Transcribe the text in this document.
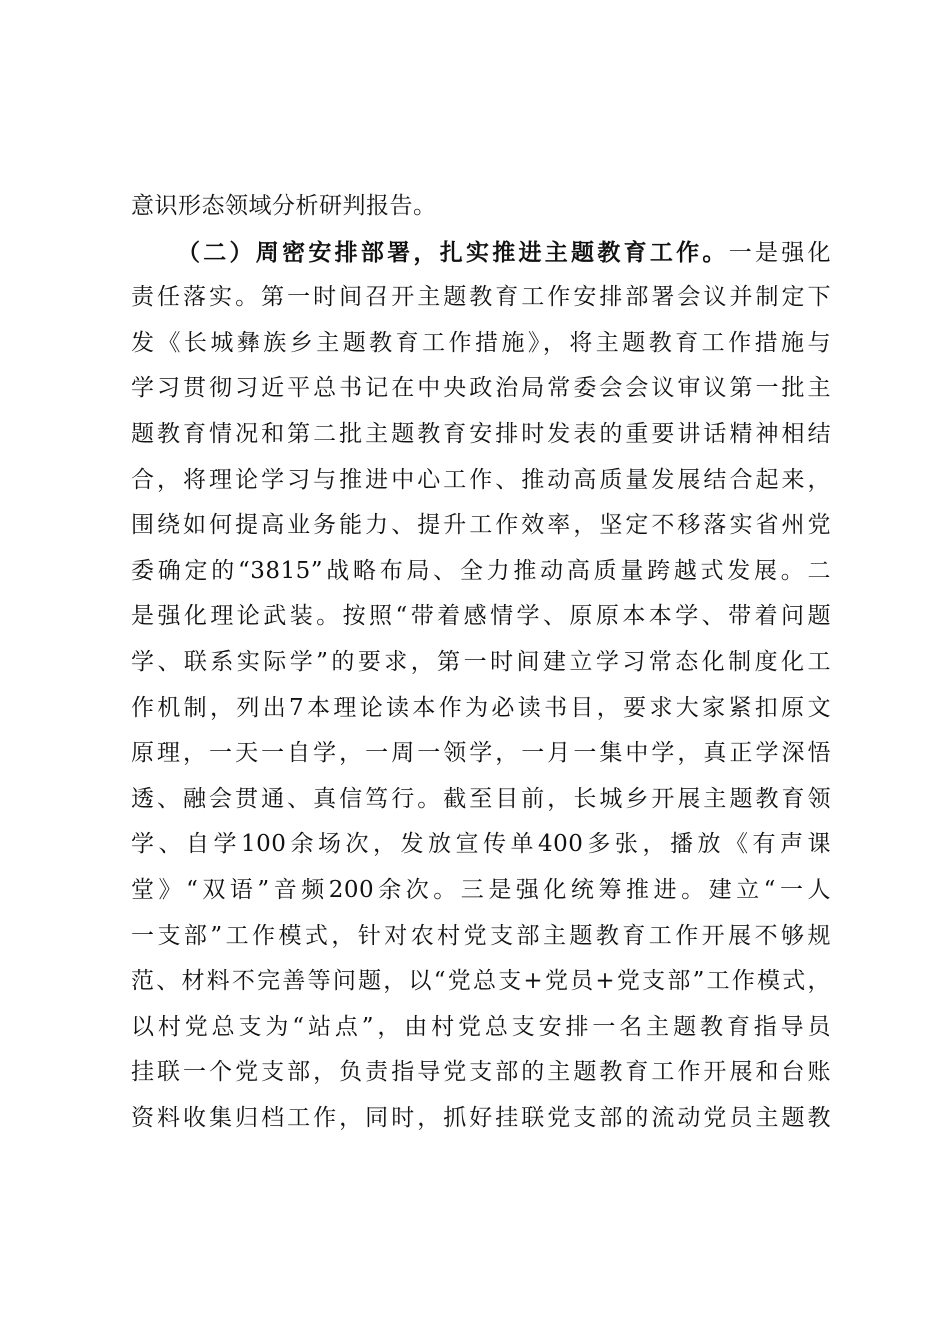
意识形态领域分析研判报告。
（二）周密安排部署，扎实推进主题教育工作。一是强化
责任落实。第一时间召开主题教育工作安排部署会议并制定下
发《长城彝族乡主题教育工作措施》，将主题教育工作措施与
学习贯彻习近平总书记在中央政治局常委会会议审议第一批主
题教育情况和第二批主题教育安排时发表的重要讲话精神相结
合，将理论学习与推进中心工作、推动高质量发展结合起来，
围绕如何提高业务能力、提升工作效率，坚定不移落实省州党
委确定的“3815”战略布局、全力推动高质量跨越式发展。二
是强化理论武装。按照“带着感情学、原原本本学、带着问题
学、联系实际学”的要求，第一时间建立学习常态化制度化工
作机制，列出7本理论读本作为必读书目，要求大家紧扣原文
原理，一天一自学，一周一领学，一月一集中学，真正学深悟
透、融会贯通、真信笃行。截至目前，长城乡开展主题教育领
学、自学100余场次，发放宣传单400多张，播放《有声课
堂》“双语”音频200余次。三是强化统筹推进。建立“一人
一支部”工作模式，针对农村党支部主题教育工作开展不够规
范、材料不完善等问题，以“党总支+党员+党支部”工作模式，
以村党总支为“站点”，由村党总支安排一名主题教育指导员
挂联一个党支部，负责指导党支部的主题教育工作开展和台账
资料收集归档工作，同时，抓好挂联党支部的流动党员主题教
